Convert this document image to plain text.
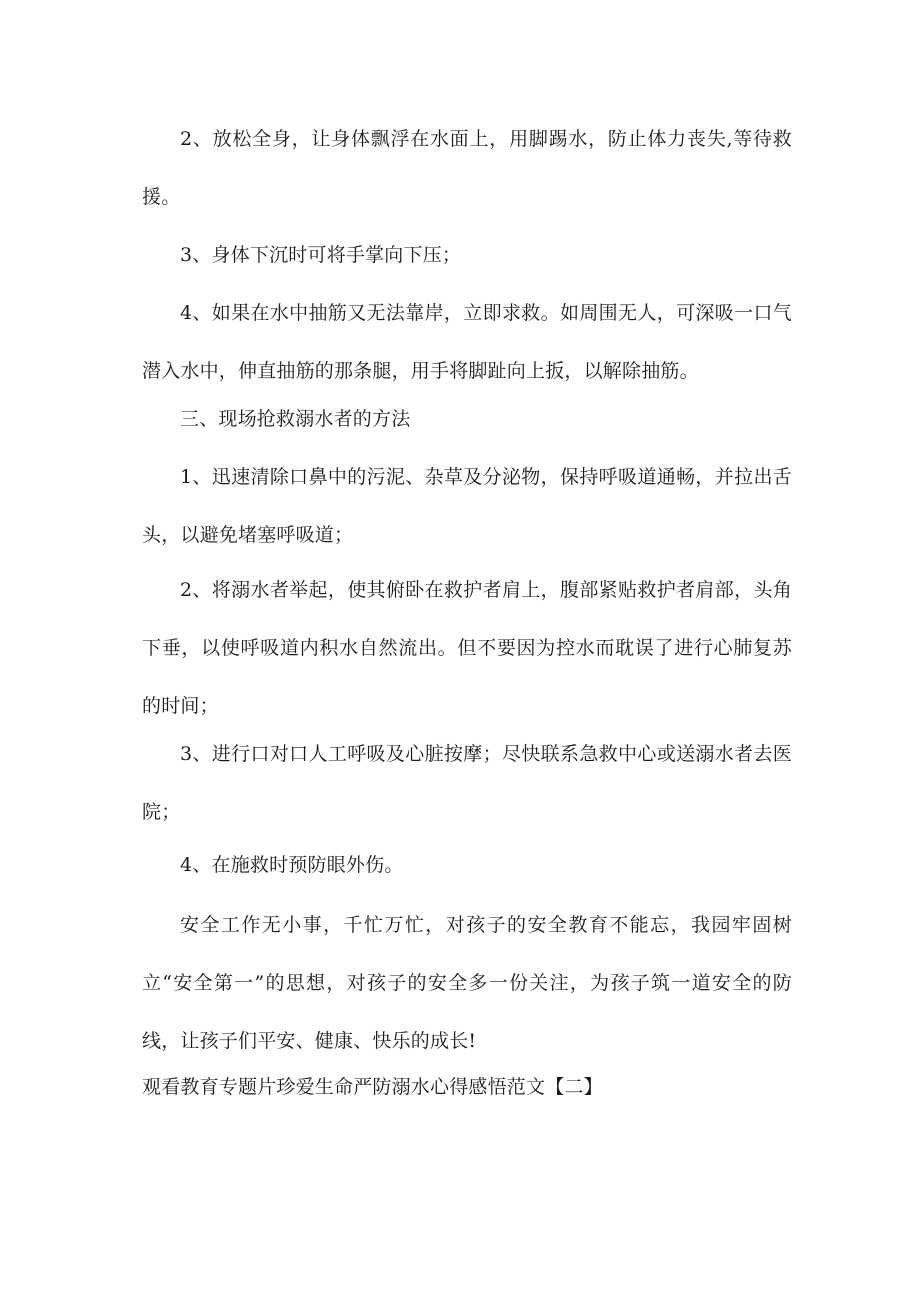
2、放松全身，让身体飘浮在水面上，用脚踢水，防止体力丧失,等待救援。

3、身体下沉时可将手掌向下压；

4、如果在水中抽筋又无法靠岸，立即求救。如周围无人，可深吸一口气潜入水中，伸直抽筋的那条腿，用手将脚趾向上扳，以解除抽筋。

三、现场抢救溺水者的方法

1、迅速清除口鼻中的污泥、杂草及分泌物，保持呼吸道通畅，并拉出舌头，以避免堵塞呼吸道；

2、将溺水者举起，使其俯卧在救护者肩上，腹部紧贴救护者肩部，头角下垂，以使呼吸道内积水自然流出。但不要因为控水而耽误了进行心肺复苏的时间；

3、进行口对口人工呼吸及心脏按摩；尽快联系急救中心或送溺水者去医院；

4、在施救时预防眼外伤。

安全工作无小事，千忙万忙，对孩子的安全教育不能忘，我园牢固树立“安全第一”的思想，对孩子的安全多一份关注，为孩子筑一道安全的防线，让孩子们平安、健康、快乐的成长!

观看教育专题片珍爱生命严防溺水心得感悟范文【二】
